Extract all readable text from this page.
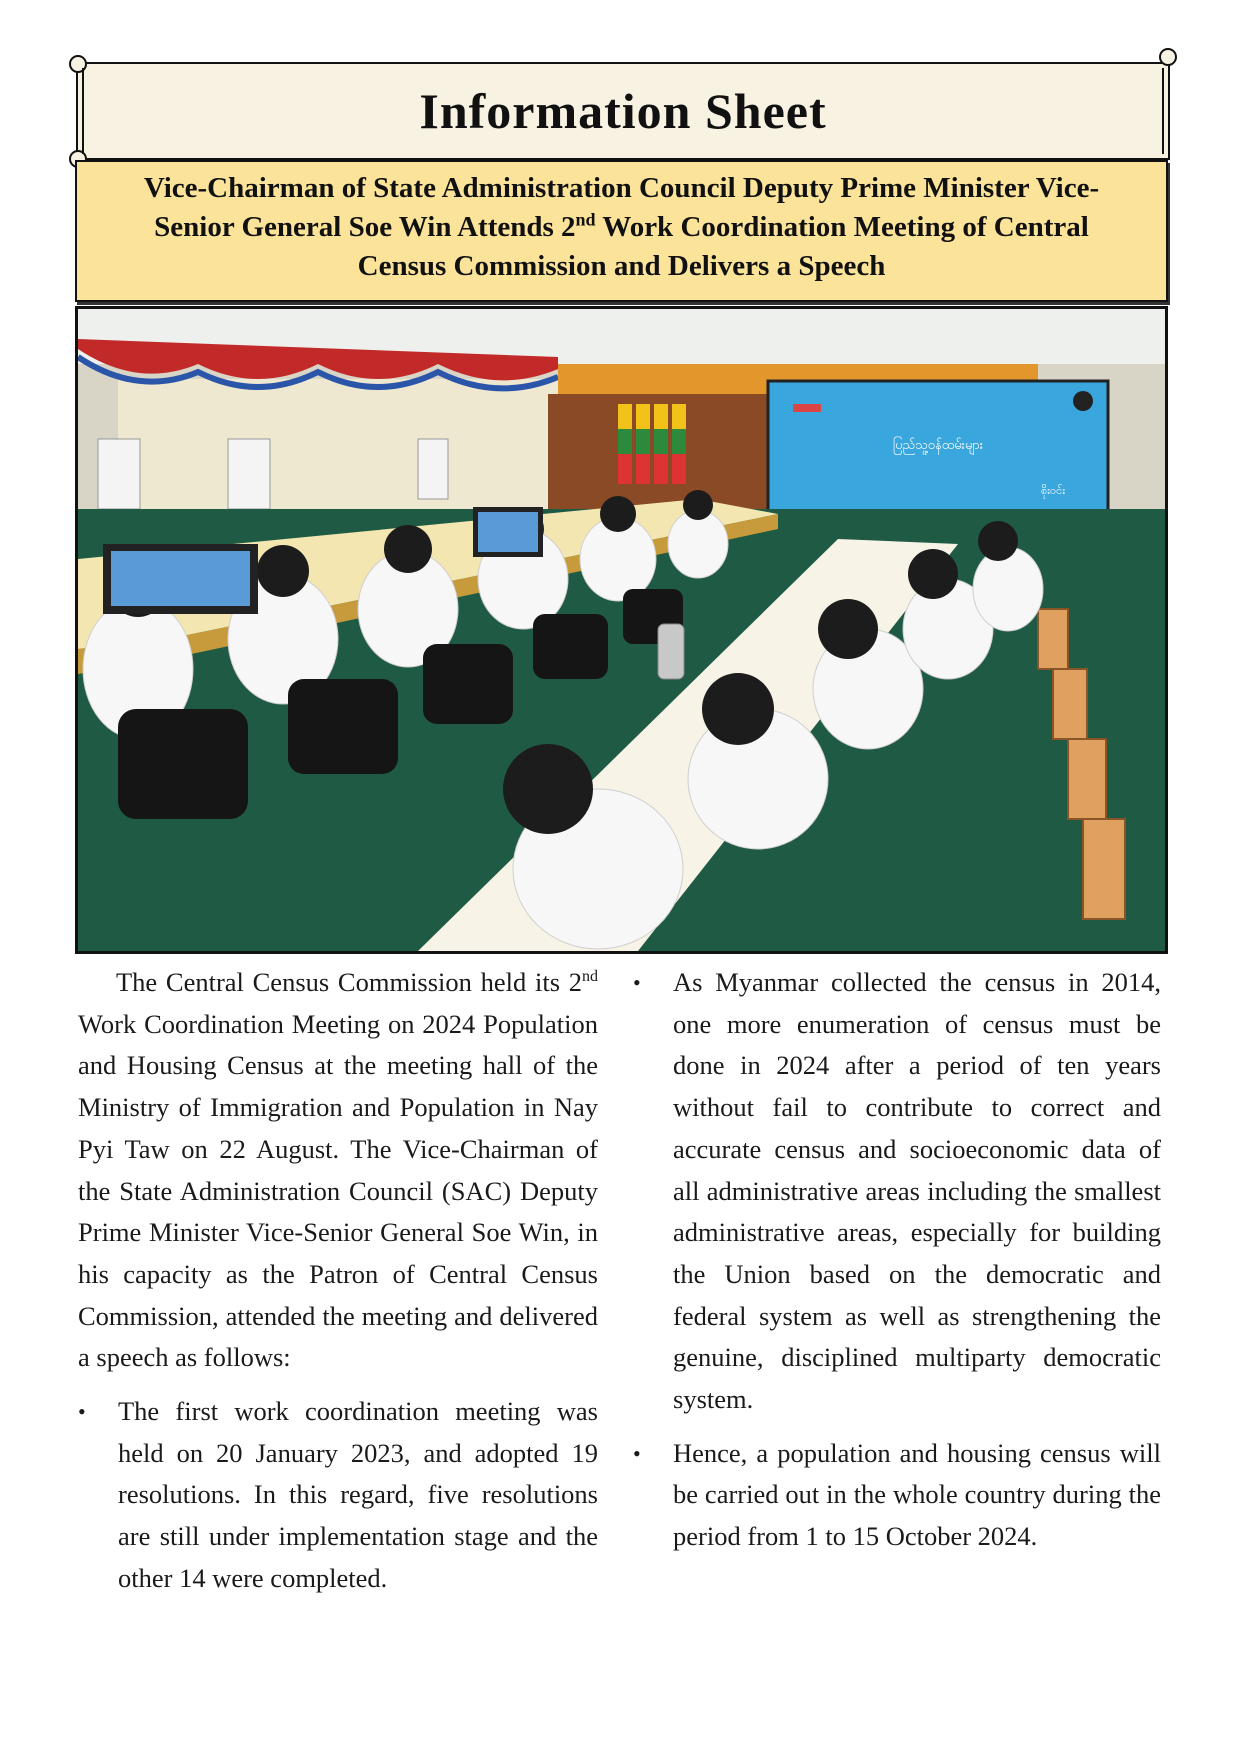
Information Sheet
Vice-Chairman of State Administration Council Deputy Prime Minister Vice-Senior General Soe Win Attends 2nd Work Coordination Meeting of Central Census Commission and Delivers a Speech
ပြည်သူ့ဝန်ထမ်းများ
စိုးဝင်း

The Central Census Commission held its 2nd Work Coordination Meeting on 2024 Population and Housing Census at the meeting hall of the Ministry of Immigration and Population in Nay Pyi Taw on 22 August. The Vice-Chairman of the State Administration Council (SAC) Deputy Prime Minister Vice-Senior General Soe Win, in his capacity as the Patron of Central Census Commission, attended the meeting and delivered a speech as follows:

• The first work coordination meeting was held on 20 January 2023, and adopted 19 resolutions. In this regard, five resolutions are still under implementation stage and the other 14 were completed.

• As Myanmar collected the census in 2014, one more enumeration of census must be done in 2024 after a period of ten years without fail to contribute to correct and accurate census and socioeconomic data of all administrative areas including the smallest administrative areas, especially for building the Union based on the democratic and federal system as well as strengthening the genuine, disciplined multiparty democratic system.

• Hence, a population and housing census will be carried out in the whole country during the period from 1 to 15 October 2024.
